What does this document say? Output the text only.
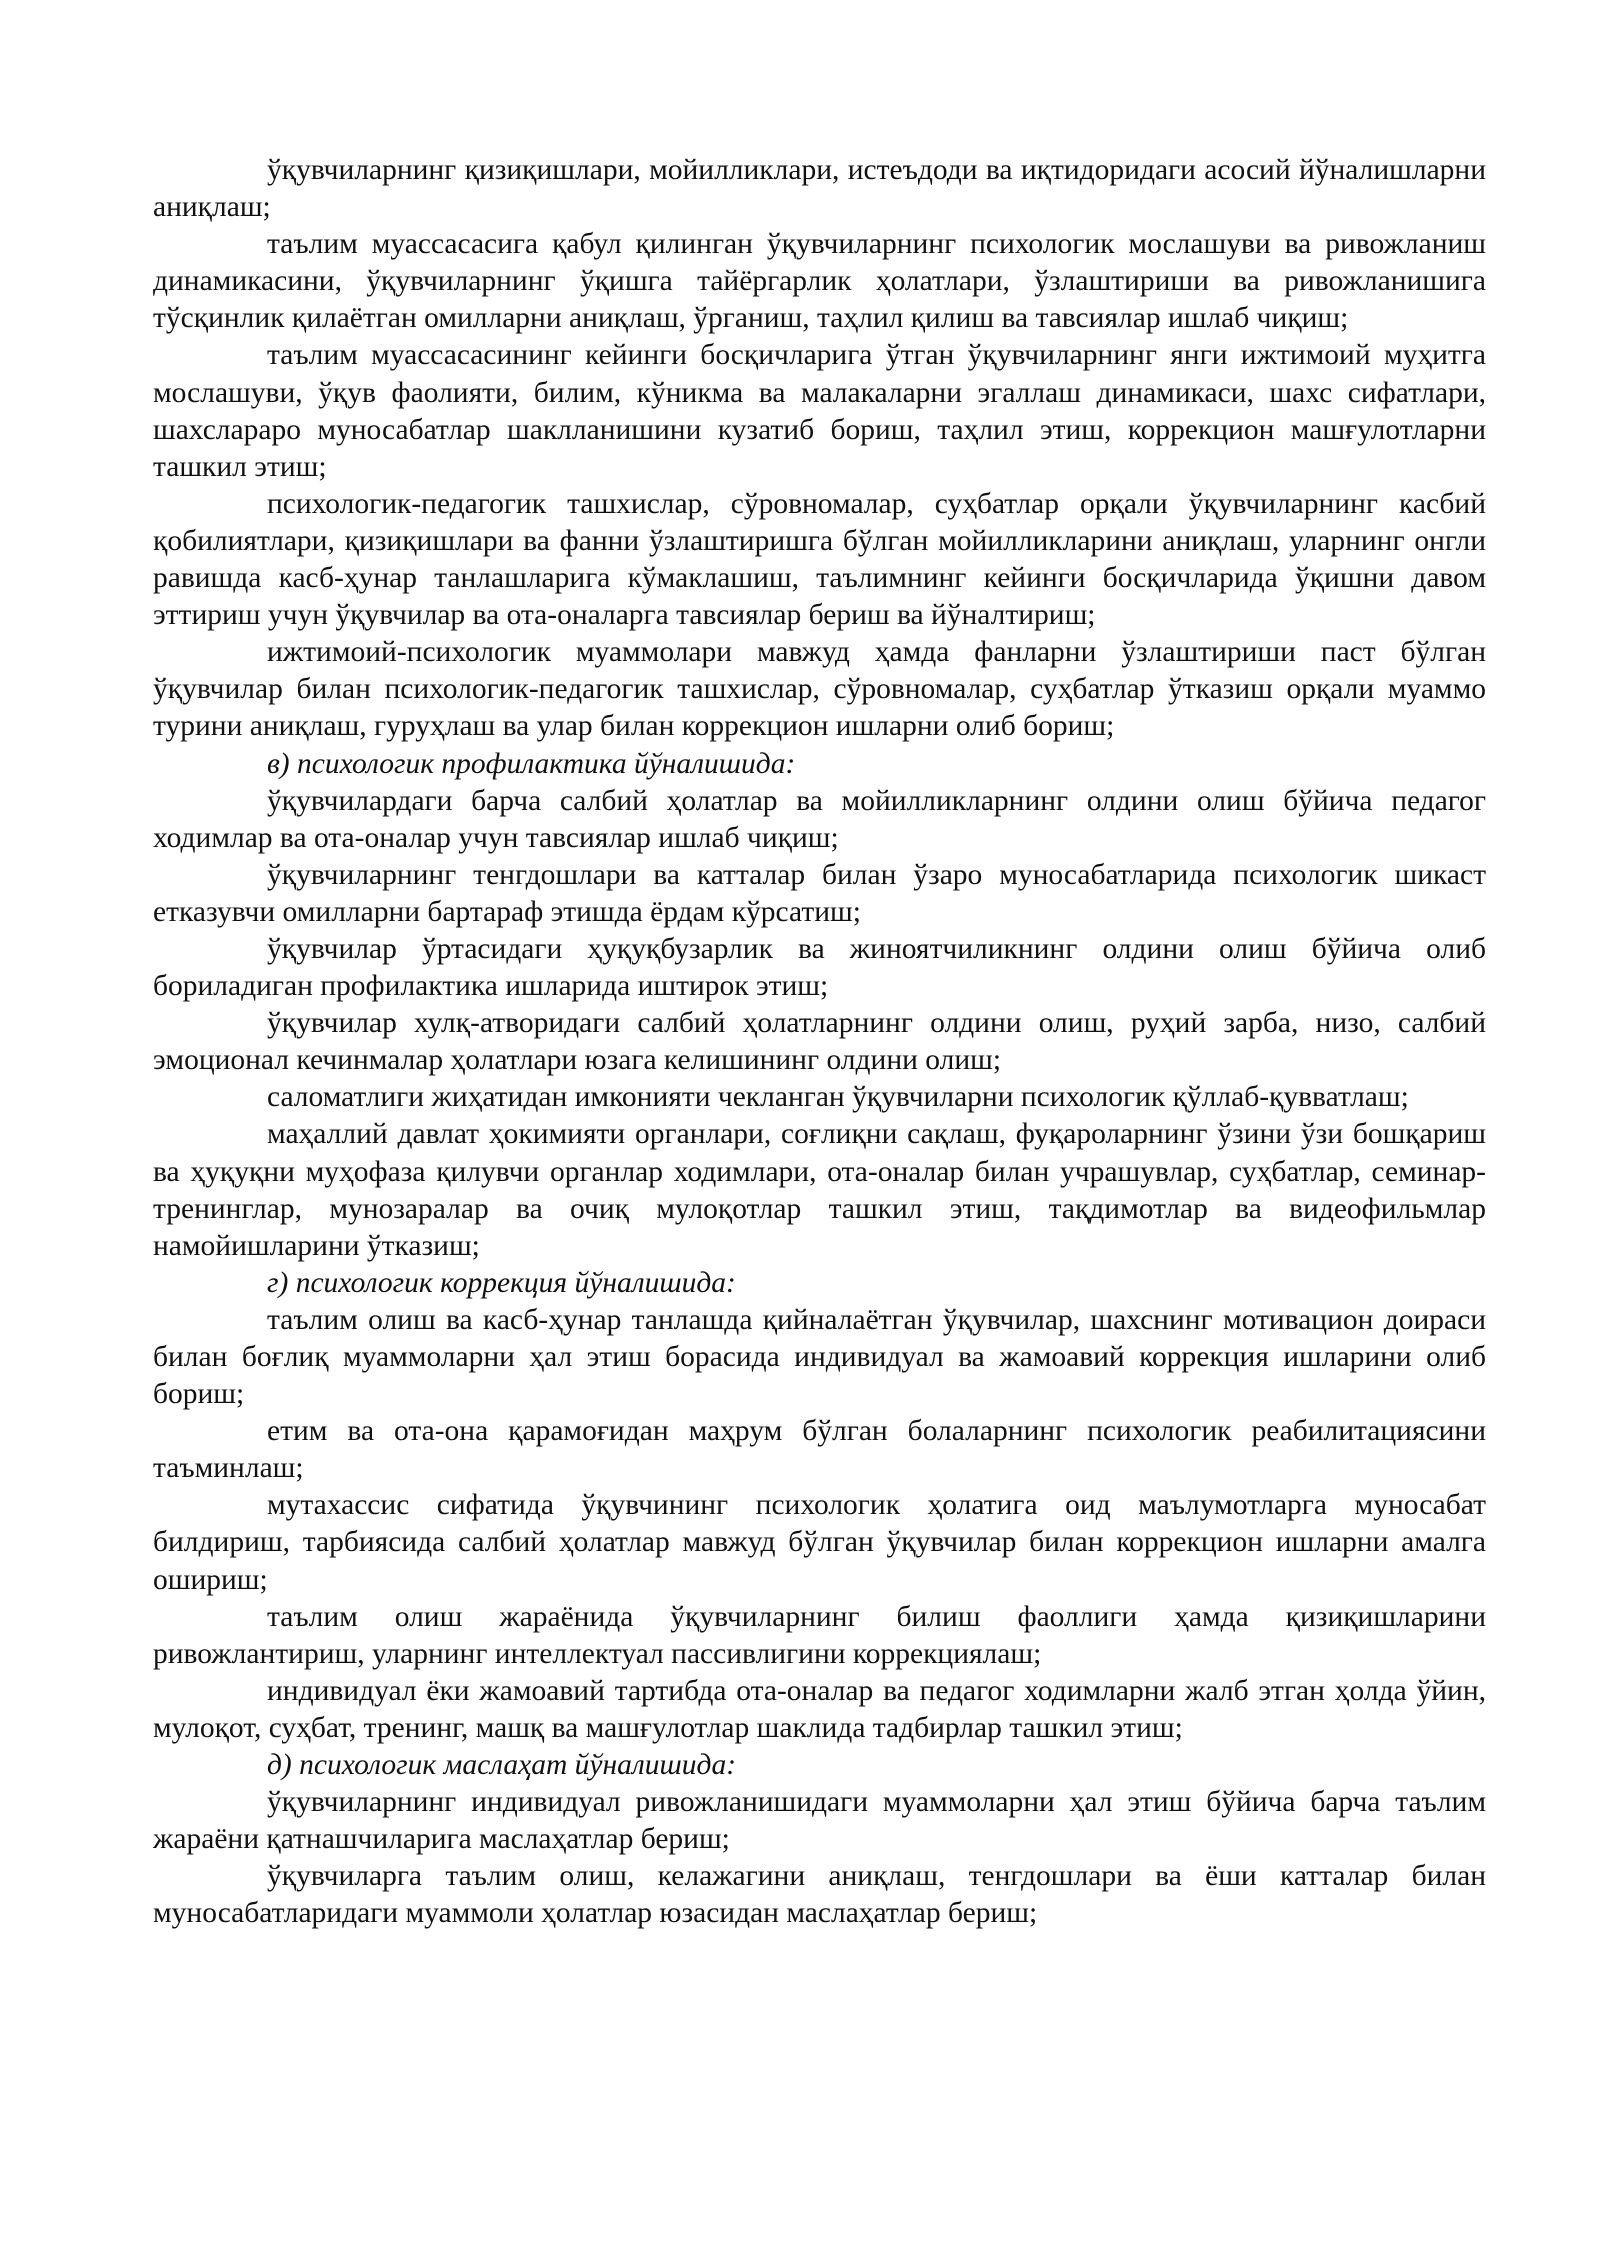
ўқувчиларнинг қизиқишлари, мойилликлари, истеъдоди ва иқтидоридаги асосий йўналишларни аниқлаш;

таълим муассасасига қабул қилинган ўқувчиларнинг психологик мослашуви ва ривожланиш динамикасини, ўқувчиларнинг ўқишга тайёргарлик ҳолатлари, ўзлаштириши ва ривожланишига тўсқинлик қилаётган омилларни аниқлаш, ўрганиш, таҳлил қилиш ва тавсиялар ишлаб чиқиш;

таълим муассасасининг кейинги босқичларига ўтган ўқувчиларнинг янги ижтимоий муҳитга мослашуви, ўқув фаолияти, билим, кўникма ва малакаларни эгаллаш динамикаси, шахс сифатлари, шахслараро муносабатлар шаклланишини кузатиб бориш, таҳлил этиш, коррекцион машғулотларни ташкил этиш;

психологик-педагогик ташхислар, сўровномалар, суҳбатлар орқали ўқувчиларнинг касбий қобилиятлари, қизиқишлари ва фанни ўзлаштиришга бўлган мойилликларини аниқлаш, уларнинг онгли равишда касб-ҳунар танлашларига кўмаклашиш, таълимнинг кейинги босқичларида ўқишни давом эттириш учун ўқувчилар ва ота-оналарга тавсиялар бериш ва йўналтириш;

ижтимоий-психологик муаммолари мавжуд ҳамда фанларни ўзлаштириши паст бўлган ўқувчилар билан психологик-педагогик ташхислар, сўровномалар, суҳбатлар ўтказиш орқали муаммо турини аниқлаш, гуруҳлаш ва улар билан коррекцион ишларни олиб бориш;

в) психологик профилактика йўналишида:

ўқувчилардаги барча салбий ҳолатлар ва мойилликларнинг олдини олиш бўйича педагог ходимлар ва ота-оналар учун тавсиялар ишлаб чиқиш;

ўқувчиларнинг тенгдошлари ва катталар билан ўзаро муносабатларида психологик шикаст етказувчи омилларни бартараф этишда ёрдам кўрсатиш;

ўқувчилар ўртасидаги ҳуқуқбузарлик ва жиноятчиликнинг олдини олиш бўйича олиб бориладиган профилактика ишларида иштирок этиш;

ўқувчилар хулқ-атворидаги салбий ҳолатларнинг олдини олиш, руҳий зарба, низо, салбий эмоционал кечинмалар ҳолатлари юзага келишининг олдини олиш;

саломатлиги жиҳатидан имконияти чекланган ўқувчиларни психологик қўллаб-қувватлаш;

маҳаллий давлат ҳокимияти органлари, соғлиқни сақлаш, фуқароларнинг ўзини ўзи бошқариш ва ҳуқуқни муҳофаза қилувчи органлар ходимлари, ота-оналар билан учрашувлар, суҳбатлар, семинар-тренинглар, мунозаралар ва очиқ мулоқотлар ташкил этиш, тақдимотлар ва видеофильмлар намойишларини ўтказиш;

г) психологик коррекция йўналишида:

таълим олиш ва касб-ҳунар танлашда қийналаётган ўқувчилар, шахснинг мотивацион доираси билан боғлиқ муаммоларни ҳал этиш борасида индивидуал ва жамоавий коррекция ишларини олиб бориш;

етим ва ота-она қарамоғидан маҳрум бўлган болаларнинг психологик реабилитациясини таъминлаш;

мутахассис сифатида ўқувчининг психологик ҳолатига оид маълумотларга муносабат билдириш, тарбиясида салбий ҳолатлар мавжуд бўлган ўқувчилар билан коррекцион ишларни амалга ошириш;

таълим олиш жараёнида ўқувчиларнинг билиш фаоллиги ҳамда қизиқишларини ривожлантириш, уларнинг интеллектуал пассивлигини коррекциялаш;

индивидуал ёки жамоавий тартибда ота-оналар ва педагог ходимларни жалб этган ҳолда ўйин, мулоқот, суҳбат, тренинг, машқ ва машғулотлар шаклида тадбирлар ташкил этиш;

д) психологик маслаҳат йўналишида:

ўқувчиларнинг индивидуал ривожланишидаги муаммоларни ҳал этиш бўйича барча таълим жараёни қатнашчиларига маслаҳатлар бериш;

ўқувчиларга таълим олиш, келажагини аниқлаш, тенгдошлари ва ёши катталар билан муносабатларидаги муаммоли ҳолатлар юзасидан маслаҳатлар бериш;
